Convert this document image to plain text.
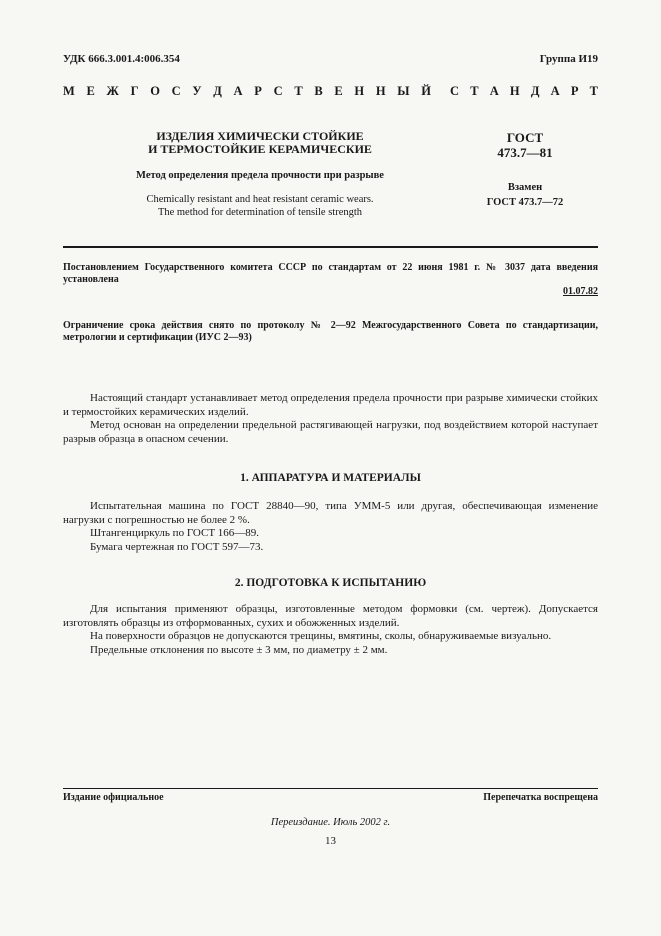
УДК 666.3.001.4:006.354	Группа И19
М Е Ж Г О С У Д А Р С Т В Е Н Н Ы Й С Т А Н Д А Р Т
ИЗДЕЛИЯ ХИМИЧЕСКИ СТОЙКИЕ
И ТЕРМОСТОЙКИЕ КЕРАМИЧЕСКИЕ
Метод определения предела прочности при разрыве
Chemically resistant and heat resistant ceramic wears.
The method for determination of tensile strength
ГОСТ
473.7—81
Взамен
ГОСТ 473.7—72
Постановлением Государственного комитета СССР по стандартам от 22 июня 1981 г. № 3037 дата введения установлена
01.07.82
Ограничение срока действия снято по протоколу № 2—92 Межгосударственного Совета по стандартизации, метрологии и сертификации (ИУС 2—93)

Настоящий стандарт устанавливает метод определения предела прочности при разрыве химически стойких и термостойких керамических изделий.

Метод основан на определении предельной растягивающей нагрузки, под воздействием которой наступает разрыв образца в опасном сечении.

1. АППАРАТУРА И МАТЕРИАЛЫ

Испытательная машина по ГОСТ 28840—90, типа УММ-5 или другая, обеспечивающая изменение нагрузки с погрешностью не более 2 %.

Штангенциркуль по ГОСТ 166—89.

Бумага чертежная по ГОСТ 597—73.

2. ПОДГОТОВКА К ИСПЫТАНИЮ

Для испытания применяют образцы, изготовленные методом формовки (см. чертеж). Допускается изготовлять образцы из отформованных, сухих и обожженных изделий.

На поверхности образцов не допускаются трещины, вмятины, сколы, обнаруживаемые визуально.

Предельные отклонения по высоте ± 3 мм, по диаметру ± 2 мм.

Издание официальное	Перепечатка воспрещена
Переиздание. Июль 2002 г.
13
